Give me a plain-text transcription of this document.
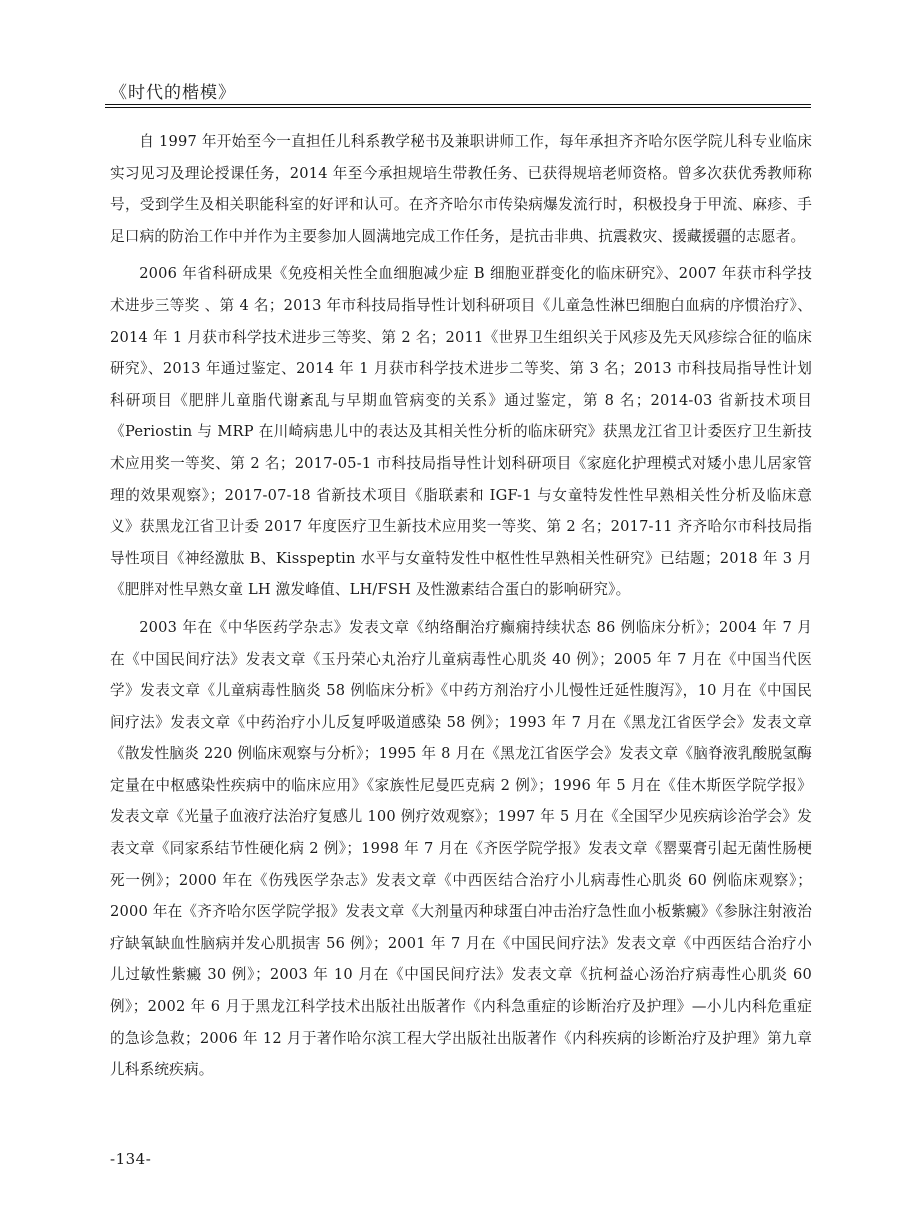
《时代的楷模》

自 1997 年开始至今一直担任儿科系教学秘书及兼职讲师工作，每年承担齐齐哈尔医学院儿科专业临床实习见习及理论授课任务，2014 年至今承担规培生带教任务、已获得规培老师资格。曾多次获优秀教师称号，受到学生及相关职能科室的好评和认可。在齐齐哈尔市传染病爆发流行时，积极投身于甲流、麻疹、手足口病的防治工作中并作为主要参加人圆满地完成工作任务，是抗击非典、抗震救灾、援藏援疆的志愿者。

2006 年省科研成果《免疫相关性全血细胞减少症 B 细胞亚群变化的临床研究》、2007 年获市科学技术进步三等奖 、第 4 名；2013 年市科技局指导性计划科研项目《儿童急性淋巴细胞白血病的序惯治疗》、2014 年 1 月获市科学技术进步三等奖、第 2 名；2011《世界卫生组织关于风疹及先天风疹综合征的临床研究》、2013 年通过鉴定、2014 年 1 月获市科学技术进步二等奖、第 3 名；2013 市科技局指导性计划科研项目《肥胖儿童脂代谢紊乱与早期血管病变的关系》通过鉴定，第 8 名；2014-03 省新技术项目《Periostin 与 MRP 在川崎病患儿中的表达及其相关性分析的临床研究》获黑龙江省卫计委医疗卫生新技术应用奖一等奖、第 2 名；2017-05-1 市科技局指导性计划科研项目《家庭化护理模式对矮小患儿居家管理的效果观察》；2017-07-18 省新技术项目《脂联素和 IGF-1 与女童特发性性早熟相关性分析及临床意义》获黑龙江省卫计委 2017 年度医疗卫生新技术应用奖一等奖、第 2 名；2017-11 齐齐哈尔市科技局指导性项目《神经激肽 B、Kisspeptin 水平与女童特发性中枢性性早熟相关性研究》已结题；2018 年 3 月《肥胖对性早熟女童 LH 激发峰值、LH/FSH 及性激素结合蛋白的影响研究》。

2003 年在《中华医药学杂志》发表文章《纳络酮治疗癫痫持续状态 86 例临床分析》；2004 年 7 月在《中国民间疗法》发表文章《玉丹荣心丸治疗儿童病毒性心肌炎 40 例》；2005 年 7 月在《中国当代医学》发表文章《儿童病毒性脑炎 58 例临床分析》《中药方剂治疗小儿慢性迁延性腹泻》，10 月在《中国民间疗法》发表文章《中药治疗小儿反复呼吸道感染 58 例》；1993 年 7 月在《黑龙江省医学会》发表文章《散发性脑炎 220 例临床观察与分析》；1995 年 8 月在《黑龙江省医学会》发表文章《脑脊液乳酸脱氢酶定量在中枢感染性疾病中的临床应用》《家族性尼曼匹克病 2 例》；1996 年 5 月在《佳木斯医学院学报》发表文章《光量子血液疗法治疗复感儿 100 例疗效观察》；1997 年 5 月在《全国罕少见疾病诊治学会》发表文章《同家系结节性硬化病 2 例》；1998 年 7 月在《齐医学院学报》发表文章《罂粟膏引起无菌性肠梗死一例》；2000 年在《伤残医学杂志》发表文章《中西医结合治疗小儿病毒性心肌炎 60 例临床观察》；2000 年在《齐齐哈尔医学院学报》发表文章《大剂量丙种球蛋白冲击治疗急性血小板紫癜》《参脉注射液治疗缺氧缺血性脑病并发心肌损害 56 例》；2001 年 7 月在《中国民间疗法》发表文章《中西医结合治疗小儿过敏性紫癜 30 例》；2003 年 10 月在《中国民间疗法》发表文章《抗柯益心汤治疗病毒性心肌炎 60 例》；2002 年 6 月于黑龙江科学技术出版社出版著作《内科急重症的诊断治疗及护理》—小儿内科危重症的急诊急救；2006 年 12 月于著作哈尔滨工程大学出版社出版著作《内科疾病的诊断治疗及护理》第九章儿科系统疾病。

-134-
